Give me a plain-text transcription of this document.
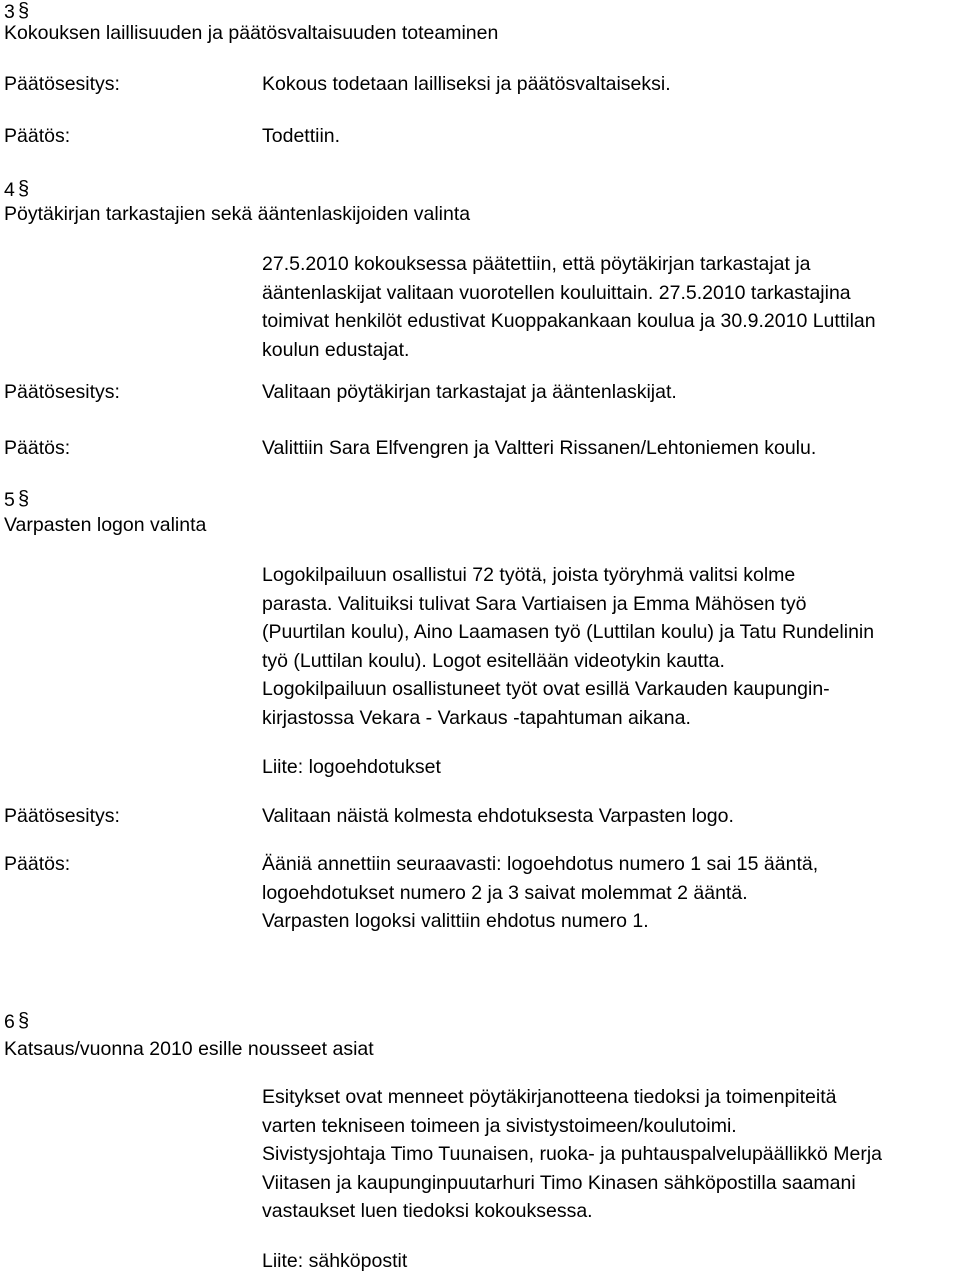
3 §
Kokouksen laillisuuden ja päätösvaltaisuuden toteaminen
Päätösesitys:	Kokous todetaan lailliseksi ja päätösvaltaiseksi.
Päätös:	Todettiin.
4 §
Pöytäkirjan tarkastajien sekä ääntenlaskijoiden valinta
27.5.2010 kokouksessa päätettiin, että pöytäkirjan tarkastajat ja
ääntenlaskijat valitaan vuorotellen kouluittain. 27.5.2010 tarkastajina
toimivat henkilöt edustivat Kuoppakankaan koulua ja 30.9.2010 Luttilan
koulun edustajat.
Päätösesitys:	Valitaan pöytäkirjan tarkastajat ja ääntenlaskijat.
Päätös:	Valittiin Sara Elfvengren ja Valtteri Rissanen/Lehtoniemen koulu.
5 §
Varpasten logon valinta
Logokilpailuun osallistui 72 työtä, joista työryhmä valitsi kolme
parasta. Valituiksi tulivat Sara Vartiaisen ja Emma Mähösen työ
(Puurtilan koulu), Aino Laamasen työ (Luttilan koulu) ja Tatu Rundelinin
työ (Luttilan koulu). Logot esitellään videotykin kautta.
Logokilpailuun osallistuneet työt ovat esillä Varkauden kaupungin-
kirjastossa Vekara - Varkaus -tapahtuman aikana.
Liite: logoehdotukset
Päätösesitys:	Valitaan näistä kolmesta ehdotuksesta Varpasten logo.
Päätös:	Ääniä annettiin seuraavasti: logoehdotus numero 1 sai 15 ääntä,
logoehdotukset numero 2 ja 3 saivat molemmat 2 ääntä.
Varpasten logoksi valittiin ehdotus numero 1.
6 §
Katsaus/vuonna 2010 esille nousseet asiat
Esitykset ovat menneet pöytäkirjanotteena tiedoksi ja toimenpiteitä
varten tekniseen toimeen ja sivistystoimeen/koulutoimi.
Sivistysjohtaja Timo Tuunaisen, ruoka- ja puhtauspalvelupäällikkö Merja
Viitasen ja kaupunginpuutarhuri Timo Kinasen sähköpostilla saamani
vastaukset luen tiedoksi kokouksessa.
Liite: sähköpostit
